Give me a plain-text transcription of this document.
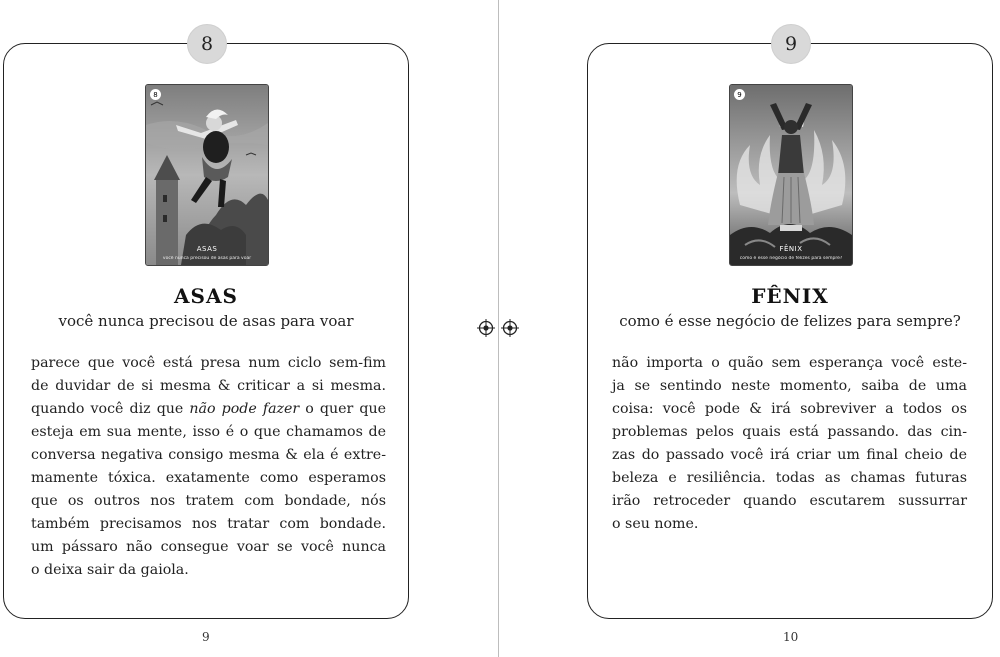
8
8
ASAS
você nunca precisou de asas para voar
ASAS
você nunca precisou de asas para voar
parece que você está presa num ciclo sem-fim
de duvidar de si mesma & criticar a si mesma.
quando você diz que não pode fazer o quer que
esteja em sua mente, isso é o que chamamos de
conversa negativa consigo mesma & ela é extre-
mamente tóxica. exatamente como esperamos
que os outros nos tratem com bondade, nós
também precisamos nos tratar com bondade.
um pássaro não consegue voar se você nunca
o deixa sair da gaiola.
9
9
FÊNIX
como é esse negócio de felizes para sempre?
FÊNIX
como é esse negócio de felizes para sempre?
não importa o quão sem esperança você este-
ja se sentindo neste momento, saiba de uma
coisa: você pode & irá sobreviver a todos os
problemas pelos quais está passando. das cin-
zas do passado você irá criar um final cheio de
beleza e resiliência. todas as chamas futuras
irão retroceder quando escutarem sussurrar
o seu nome.
9	10
